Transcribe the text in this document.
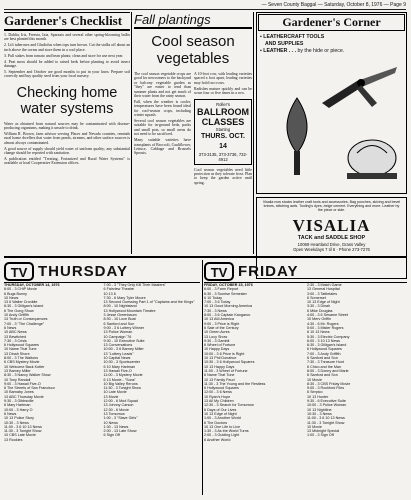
— Seven County Baggal — Saturday, October 8, 1976 — Page 9
Gardener's Checklist

1. Dahlia, Iris, Freesia, Ixia, Sparaxis and several other spring-blooming bulbs are best planted this month.

2. Lift tuberoses and Gladiolus when tops turn brown. Cut the stalks off about an inch above the corms and store them in a cool place.

3. Pull stakes from tomato and bean plants; clean and store for use next year.

4. Peat moss should be added to raised beds before planting to avoid insect damage.

5. September and October are good months to put in your lawn. Prepare soil correctly and buy quality seed from your local nursery.

Checking home water systems

Water as obtained from natural sources may be contaminated with disease-producing organisms, making it unsafe to drink.

William R. Brown, farm advisor serving Placer and Nevada counties, reminds rural home dwellers that water from ponds, streams, and other surface sources is almost always contaminated.

A good source of supply should yield water of uniform quality; any substantial change should be reported with sanitation.

A publication entitled "Treating, Fortanized and Rural Water Systems" is available at local Cooperative Extension offices.

Fall plantings
Cool season vegetables

The cool season vegetable crops are good for newcomers to the backyard or balcony vegetable garden as "they" are easier to tend than summer plants and not get much of their water from the rainy season.

Fall, when the weather is cooler, temperatures have been found ideal for cool-season crops, including winter squash.

Several cool season vegetables are suitable for in-ground beds, packs and small pots, so small areas do not need to be sacrificed.

Many suitable varieties have transplants of Broccoli, Cauliflower, Lettuce, Cabbage and Brussels Sprouts.

A 10-foot row, with leading varieties spaced a foot apart, leading varieties may hold two rows.

Radishes mature quickly and can be sown four or five times in a row.

Roller's
BALLROOM CLASSES
Starting
THURS. OCT. 14
373-3135, 373-3736, 732-4912

Cool season vegetables need little protection as they tolerate frost. Plan to keep the garden active until spring.

Gardener's Corner
▪ LEATHERCRAFT TOOLS
AND SUPPLIES
▪ LEATHER . . . by the hide or piece.
Visalia now stocks leather craft tools and accessories. Bag punches, skiving and bevel knives, stitching awls. Tooling's dyes, beige cement. Everything and more. Leather by the piece or side.
VISALIA
TACK and SADDLE SHOP
10069 Heartland Drive, Grass Valley
Open Weekdays 7 til 6 · Phone 273-7276
TV THURSDAY

THURSDAY, OCTOBER 14, 1976

6:00 - 3 CHiP Movie

6 Bugs Bunny

10 News

13 6 Walter Cronkite

6:30 - 3 Gilligan's Island

6 The Gong Show

10 Andy Griffith

13 Truth or Consequences

7:00 - 3 "The Challenge"

6 News

10 ABC News

13 Bewitched

7:30 - 3 Crisis

6 Hollywood Squares

10 Name That Tune

13 Dinah Shore

8:00 - 3 The Waltons

6 CBS Mystery Movie

10 Welcome Back Kotter

13 Barney Miller

8:30 - 3 Nancy Walker Show

10 Tony Randall

9:00 - 3 Hawaii Five-O

6 The Streets of San Francisco

10 Barnaby Jones

13 ABC Thursday Movie

9:30 - 3 Gibbsville

6 Mary Hartman

10:00 - 3 Harry O

6 News

10 13 Police Story

10:30 - 3 News

11:00 - 3 6 10 13 News

11:30 - 3 Tonight Show

10 CBS Late Movie

13 Rookies

7:00 - 3 "They Only Kill Their Masters"

6 Fairview Theatre

10 13 6

7:30 - 6 Mary Tyler Moore

13 Second Guessing Part 1 of "Captains and the Kings"

8:00 - 10 Nightstand

13 Hollywood Mountain Theatre

3 Jesse Greenbaum

8:30 - 10 Love Boat

6 Sanford and Son

9:00 - 3 6 Lottery Winner

13 Police Woman

10 Campaign '76

9:30 - 10 Executive Suite

13 Conversations

10:00 - 3 6 Barney Miller

13 "Lottery Leads"

10 Capital News

10:30 - 3 Sportscenter

6 10 Mary Hartman

13 Hawaii Five-O

11:00 - 3 Mystery Movie

6 13 Movie - "Sons"

10 Big Valley Reruns

11:30 - 3 Tonight Show

10 Late Movie

13 Movie

12:00 - 6 Mod Squad

13 Johnny Carson

12:30 - 6 Movie

13 Tomorrow

1:00 - 3 "Slave Girls"

10 News

1:30 - 13 News

2:00 - 13 Late Show

6 Sign Off

TV FRIDAY

FRIDAY, OCTOBER 15, 1976

6:00 - 3 Farm Report

6:30 - 3 Sunrise Semester

6 10 Today

7:00 - 3 6 Today

10 13 Good Morning America

7:30 - 3 News

8:00 - 3 6 Captain Kangaroo

10 13 AM America

9:00 - 3 Price is Right

6 Sale of the Century

10 Green Acres

13 Lucy Show

9:30 - 3 Gambit

6 Wheel of Fortune

10 Happy Days

10:00 - 3 6 Price is Right

10 13 Phil Donahue

10:30 - 3 6 Hollywood Squares

10 13 Happy Days

11:00 - 3 Wheel of Fortune

6 Name That Tune

10 13 Family Feud

11:30 - 3 The Young and the Restless

6 Hollywood Squares

12:00 - 3 6 News

10 Ryan's Hope

13 All My Children

12:30 - 3 Search for Tomorrow

6 Days of Our Lives

10 13 Edge of Night

1:00 - 3 Another World

6 The Doctors

10 13 One Life to Live

1:30 - 3 As the World Turns

2:00 - 3 Guiding Light

6 Another World

2:30 - 3 Match Game

13 General Hospital

3:00 - 3 Tattletales

6 Somerset

10 13 Edge of Night

3:30 - 3 Dinah

6 Mike Douglas

4:00 - 3 6 Sesame Street

10 Merv Griffin

4:30 - 6 Mr. Rogers

5:00 - 3 Mister Rogers

6 10 13 News

5:30 - 3 Electric Company

6:00 - 3 10 13 News

6:30 - 3 Gilligan's Island

6 Hollywood Squares

7:00 - 3 Andy Griffith

6 Sanford and Son

7:30 - 3 Treasure Hunt

6 Chico and the Man

8:00 - 3 Donny and Marie

6 Sanford and Son

10 Movie

8:30 - 3 CBS Friday Movie

9:00 - 3 Rockford Files

6 Serpico

10 13 Hunter

9:30 - 6 Executive Suite

10:00 - 3 Police Woman

10 13 Nightline

10:30 - 3 News

11:00 - 3 6 10 13 News

11:30 - 3 Tonight Show

10 Movie

13 Midnight Special

1:00 - 3 Sign Off
